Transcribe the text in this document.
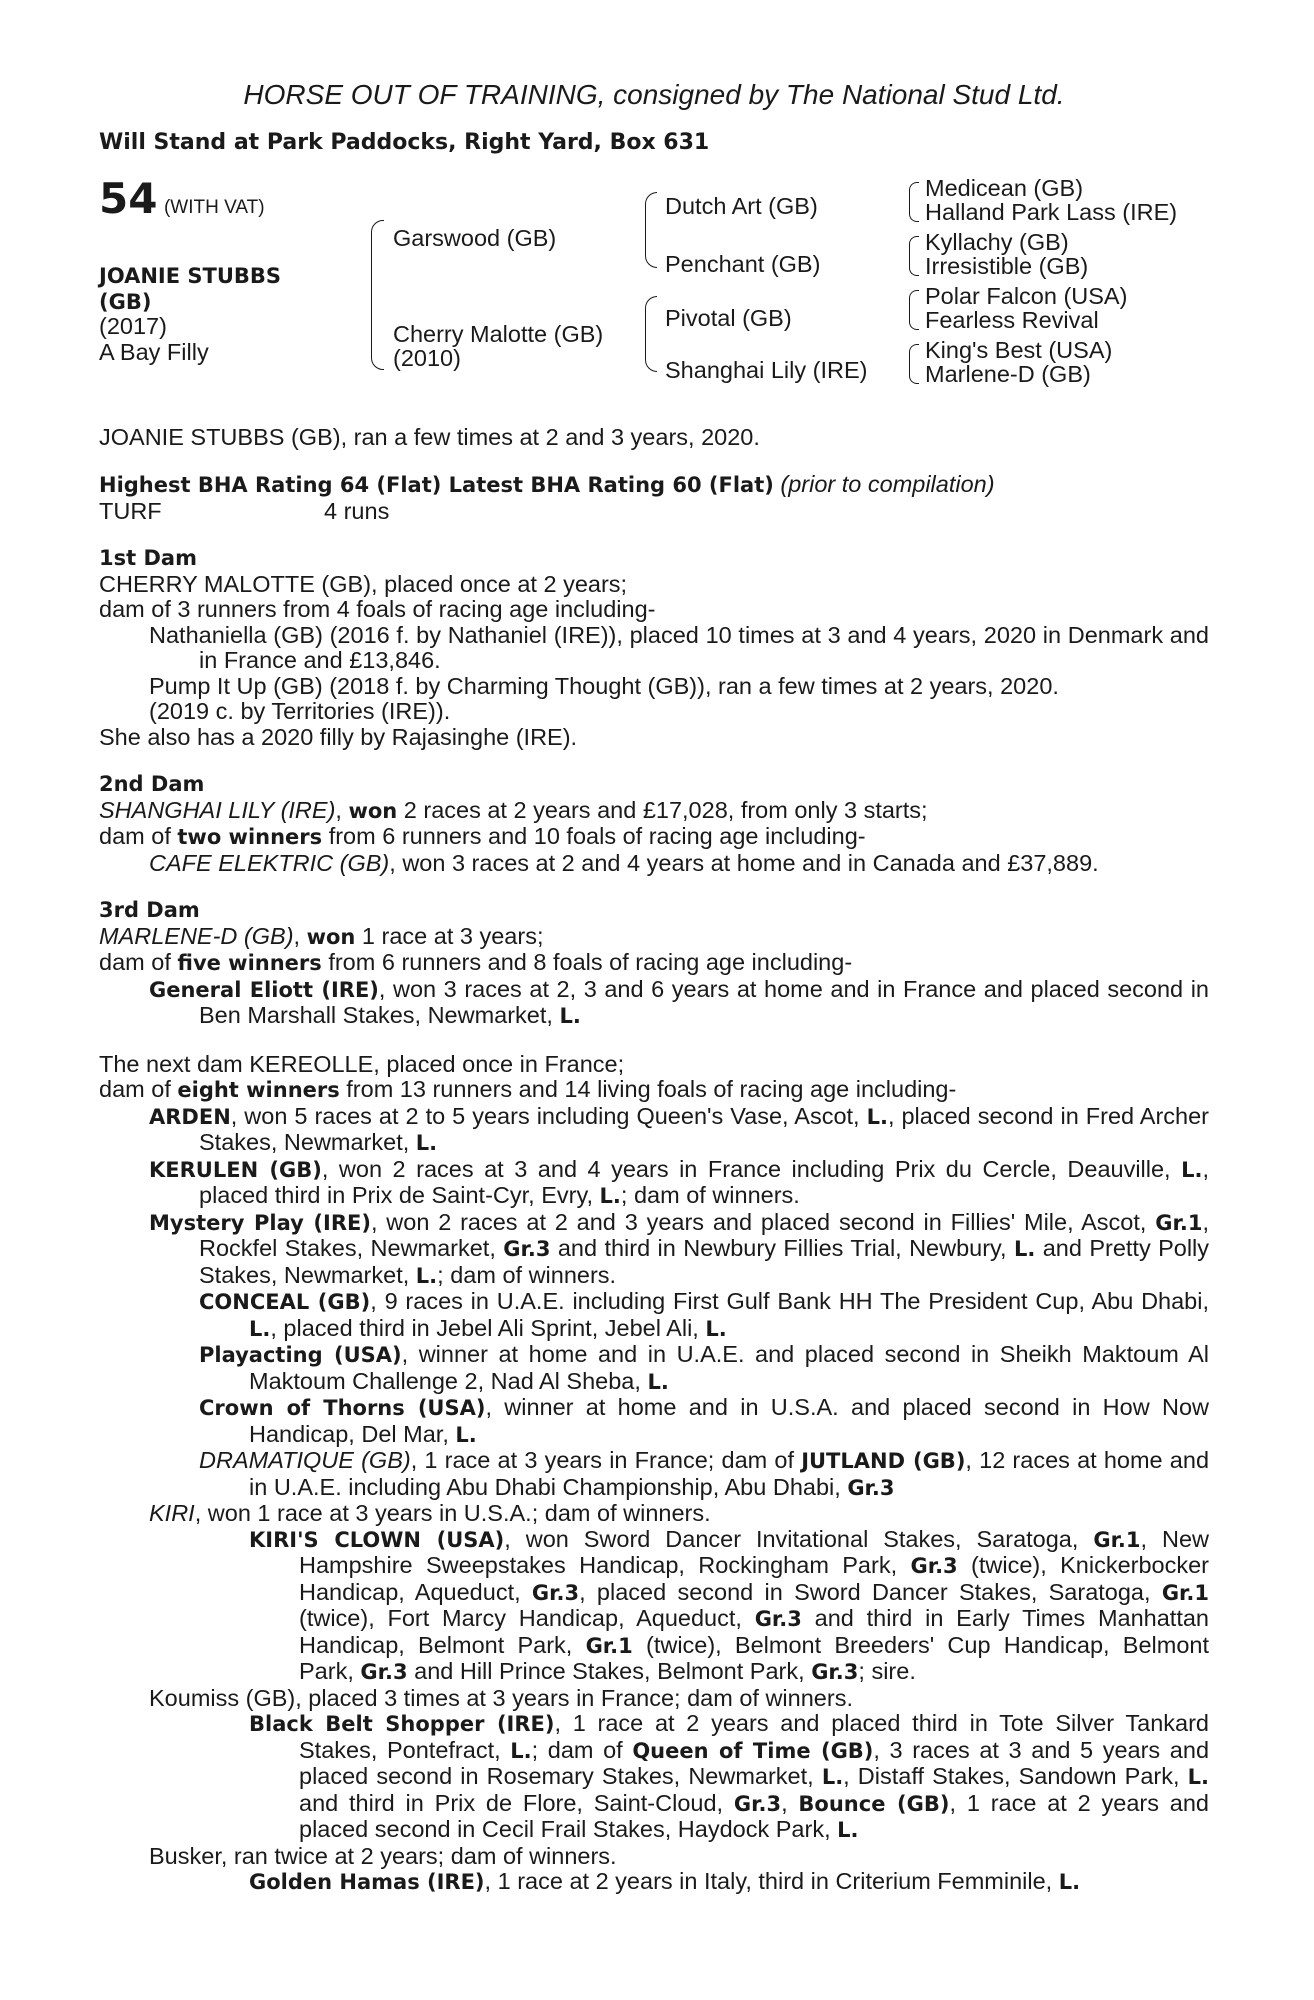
HORSE OUT OF TRAINING, consigned by The National Stud Ltd.
Will Stand at Park Paddocks, Right Yard, Box 631
54 (WITH VAT)
JOANIE STUBBS
(GB)
(2017)
A Bay Filly
Garswood (GB)
Cherry Malotte (GB)
(2010)
Dutch Art (GB)
Penchant (GB)
Pivotal (GB)
Shanghai Lily (IRE)
Medicean (GB)
Halland Park Lass (IRE)
Kyllachy (GB)
Irresistible (GB)
Polar Falcon (USA)
Fearless Revival
King's Best (USA)
Marlene-D (GB)

JOANIE STUBBS (GB), ran a few times at 2 and 3 years, 2020.

Highest BHA Rating 64 (Flat) Latest BHA Rating 60 (Flat) (prior to compilation)

TURF	4 runs

1st Dam

CHERRY MALOTTE (GB), placed once at 2 years;

dam of 3 runners from 4 foals of racing age including-

Nathaniella (GB) (2016 f. by Nathaniel (IRE)), placed 10 times at 3 and 4 years, 2020 in Denmark and in France and £13,846.

Pump It Up (GB) (2018 f. by Charming Thought (GB)), ran a few times at 2 years, 2020.

(2019 c. by Territories (IRE)).

She also has a 2020 filly by Rajasinghe (IRE).

2nd Dam

SHANGHAI LILY (IRE), won 2 races at 2 years and £17,028, from only 3 starts;

dam of two winners from 6 runners and 10 foals of racing age including-

CAFE ELEKTRIC (GB), won 3 races at 2 and 4 years at home and in Canada and £37,889.

3rd Dam

MARLENE-D (GB), won 1 race at 3 years;

dam of five winners from 6 runners and 8 foals of racing age including-

General Eliott (IRE), won 3 races at 2, 3 and 6 years at home and in France and placed second in Ben Marshall Stakes, Newmarket, L.

The next dam KEREOLLE, placed once in France;

dam of eight winners from 13 runners and 14 living foals of racing age including-

ARDEN, won 5 races at 2 to 5 years including Queen's Vase, Ascot, L., placed second in Fred Archer Stakes, Newmarket, L.

KERULEN (GB), won 2 races at 3 and 4 years in France including Prix du Cercle, Deauville, L., placed third in Prix de Saint-Cyr, Evry, L.; dam of winners.

Mystery Play (IRE), won 2 races at 2 and 3 years and placed second in Fillies' Mile, Ascot, Gr.1, Rockfel Stakes, Newmarket, Gr.3 and third in Newbury Fillies Trial, Newbury, L. and Pretty Polly Stakes, Newmarket, L.; dam of winners.

CONCEAL (GB), 9 races in U.A.E. including First Gulf Bank HH The President Cup, Abu Dhabi, L., placed third in Jebel Ali Sprint, Jebel Ali, L.

Playacting (USA), winner at home and in U.A.E. and placed second in Sheikh Maktoum Al Maktoum Challenge 2, Nad Al Sheba, L.

Crown of Thorns (USA), winner at home and in U.S.A. and placed second in How Now Handicap, Del Mar, L.

DRAMATIQUE (GB), 1 race at 3 years in France; dam of JUTLAND (GB), 12 races at home and in U.A.E. including Abu Dhabi Championship, Abu Dhabi, Gr.3

KIRI, won 1 race at 3 years in U.S.A.; dam of winners.

KIRI'S CLOWN (USA), won Sword Dancer Invitational Stakes, Saratoga, Gr.1, New Hampshire Sweepstakes Handicap, Rockingham Park, Gr.3 (twice), Knickerbocker Handicap, Aqueduct, Gr.3, placed second in Sword Dancer Stakes, Saratoga, Gr.1 (twice), Fort Marcy Handicap, Aqueduct, Gr.3 and third in Early Times Manhattan Handicap, Belmont Park, Gr.1 (twice), Belmont Breeders' Cup Handicap, Belmont Park, Gr.3 and Hill Prince Stakes, Belmont Park, Gr.3; sire.

Koumiss (GB), placed 3 times at 3 years in France; dam of winners.

Black Belt Shopper (IRE), 1 race at 2 years and placed third in Tote Silver Tankard Stakes, Pontefract, L.; dam of Queen of Time (GB), 3 races at 3 and 5 years and placed second in Rosemary Stakes, Newmarket, L., Distaff Stakes, Sandown Park, L. and third in Prix de Flore, Saint-Cloud, Gr.3, Bounce (GB), 1 race at 2 years and placed second in Cecil Frail Stakes, Haydock Park, L.

Busker, ran twice at 2 years; dam of winners.

Golden Hamas (IRE), 1 race at 2 years in Italy, third in Criterium Femminile, L.
